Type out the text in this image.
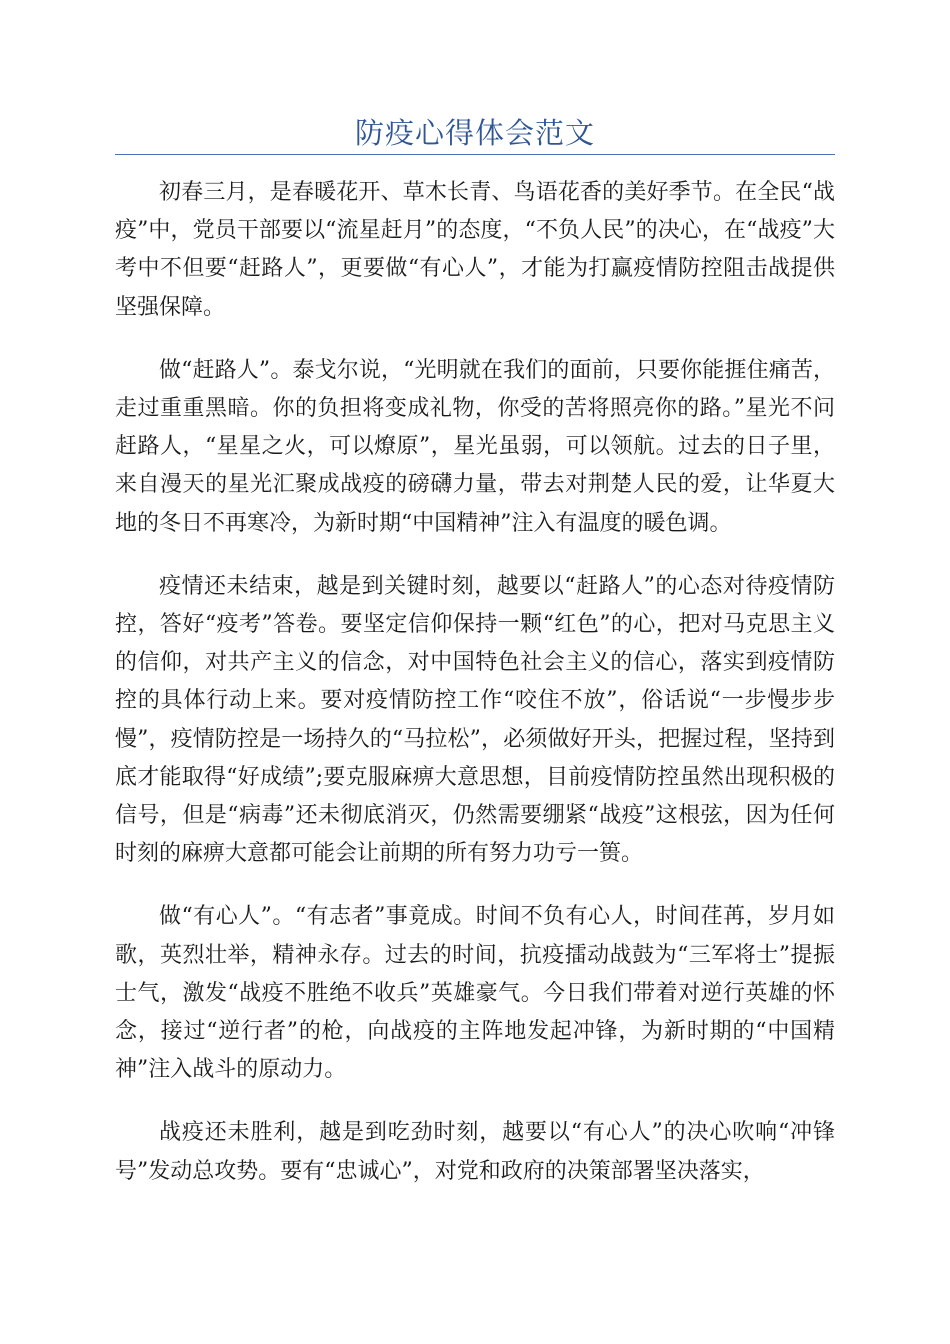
防疫心得体会范文

初春三月，是春暖花开、草木长青、鸟语花香的美好季节。在全民“战疫”中，党员干部要以“流星赶月”的态度，“不负人民”的决心，在“战疫”大考中不但要“赶路人”，更要做“有心人”，才能为打赢疫情防控阻击战提供坚强保障。

做“赶路人”。泰戈尔说，“光明就在我们的面前，只要你能捱住痛苦，走过重重黑暗。你的负担将变成礼物，你受的苦将照亮你的路。”星光不问赶路人，“星星之火，可以燎原”，星光虽弱，可以领航。过去的日子里，来自漫天的星光汇聚成战疫的磅礴力量，带去对荆楚人民的爱，让华夏大地的冬日不再寒冷，为新时期“中国精神”注入有温度的暖色调。

疫情还未结束，越是到关键时刻，越要以“赶路人”的心态对待疫情防控，答好“疫考”答卷。要坚定信仰保持一颗“红色”的心，把对马克思主义的信仰，对共产主义的信念，对中国特色社会主义的信心，落实到疫情防控的具体行动上来。要对疫情防控工作“咬住不放”，俗话说“一步慢步步慢”，疫情防控是一场持久的“马拉松”，必须做好开头，把握过程，坚持到底才能取得“好成绩”;要克服麻痹大意思想，目前疫情防控虽然出现积极的信号，但是“病毒”还未彻底消灭，仍然需要绷紧“战疫”这根弦，因为任何时刻的麻痹大意都可能会让前期的所有努力功亏一篑。

做“有心人”。“有志者”事竟成。时间不负有心人，时间荏苒，岁月如歌，英烈壮举，精神永存。过去的时间，抗疫擂动战鼓为“三军将士”提振士气，激发“战疫不胜绝不收兵”英雄豪气。今日我们带着对逆行英雄的怀念，接过“逆行者”的枪，向战疫的主阵地发起冲锋，为新时期的“中国精神”注入战斗的原动力。

战疫还未胜利，越是到吃劲时刻，越要以“有心人”的决心吹响“冲锋号”发动总攻势。要有“忠诚心”，对党和政府的决策部署坚决落实，
